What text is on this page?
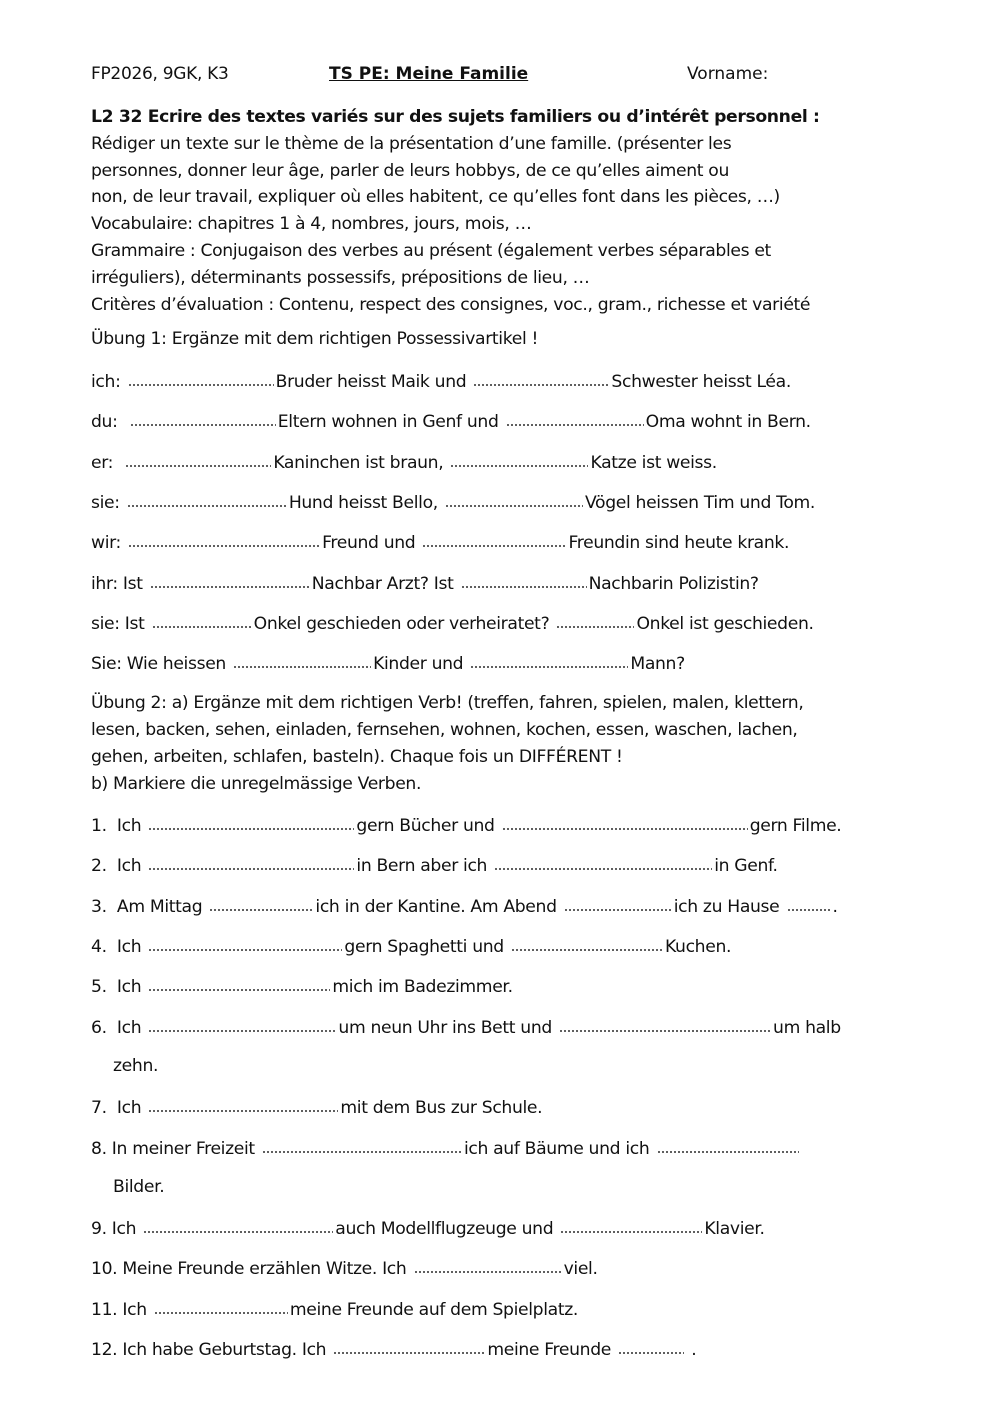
FP2026, 9GK, K3	TS PE: Meine Familie	Vorname:
L2 32 Ecrire des textes variés sur des sujets familiers ou d’intérêt personnel :
Rédiger un texte sur le thème de la présentation d’une famille. (présenter les
personnes, donner leur âge, parler de leurs hobbys, de ce qu’elles aiment ou
non, de leur travail, expliquer où elles habitent, ce qu’elles font dans les pièces, …)
Vocabulaire: chapitres 1 à 4, nombres, jours, mois, …
Grammaire : Conjugaison des verbes au présent (également verbes séparables et
irréguliers), déterminants possessifs, prépositions de lieu, …
Critères d’évaluation : Contenu, respect des consignes, voc., gram., richesse et variété
Übung 1: Ergänze mit dem richtigen Possessivartikel !
ich:	Bruder heisst Maik und	Schwester heisst Léa.
du:	Eltern wohnen in Genf und	Oma wohnt in Bern.
er:	Kaninchen ist braun,	Katze ist weiss.
sie:	Hund heisst Bello,	Vögel heissen Tim und Tom.
wir:	Freund und	Freundin sind heute krank.
ihr: Ist	Nachbar Arzt? Ist	Nachbarin Polizistin?
sie: Ist	Onkel geschieden oder verheiratet?	Onkel ist geschieden.
Sie: Wie heissen	Kinder und	Mann?
Übung 2: a) Ergänze mit dem richtigen Verb! (treffen, fahren, spielen, malen, klettern,
lesen, backen, sehen, einladen, fernsehen, wohnen, kochen, essen, waschen, lachen,
gehen, arbeiten, schlafen, basteln). Chaque fois un DIFFÉRENT !
b) Markiere die unregelmässige Verben.
1.  Ich	gern Bücher und	gern Filme.
2.  Ich	in Bern aber ich	in Genf.
3.  Am Mittag	ich in der Kantine. Am Abend	ich zu Hause	.
4.  Ich	gern Spaghetti und	Kuchen.
5.  Ich	mich im Badezimmer.
6.  Ich	um neun Uhr ins Bett und	um halb
zehn.
7.  Ich	mit dem Bus zur Schule.
8. In meiner Freizeit	ich auf Bäume und ich
Bilder.
9. Ich	auch Modellflugzeuge und	Klavier.
10. Meine Freunde erzählen Witze. Ich	viel.
11. Ich	meine Freunde auf dem Spielplatz.
12. Ich habe Geburtstag. Ich	meine Freunde	.
